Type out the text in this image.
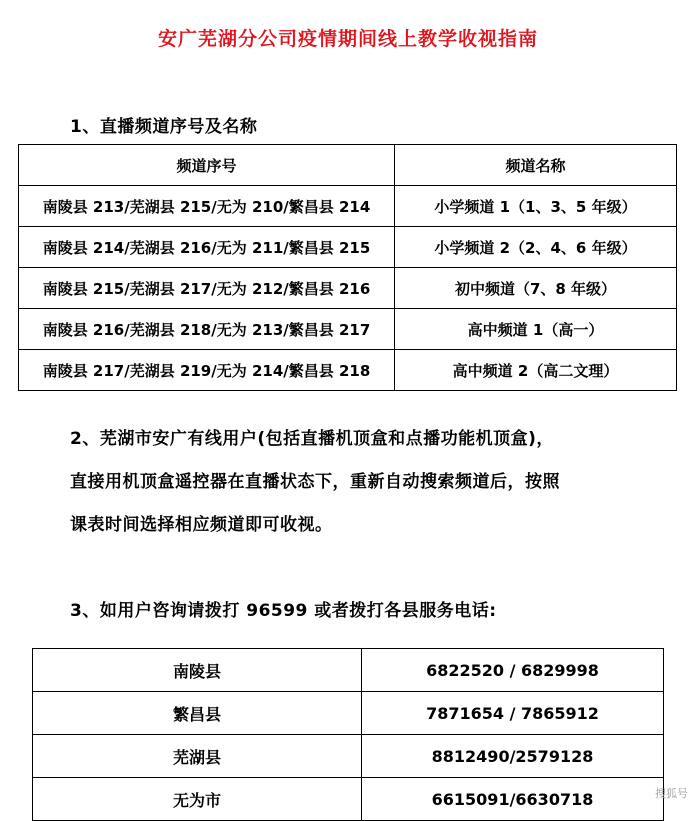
安广芜湖分公司疫情期间线上教学收视指南
1、直播频道序号及名称
频道序号	频道名称
南陵县 213/芜湖县 215/无为 210/繁昌县 214	小学频道 1（1、3、5 年级）
南陵县 214/芜湖县 216/无为 211/繁昌县 215	小学频道 2（2、4、6 年级）
南陵县 215/芜湖县 217/无为 212/繁昌县 216	初中频道（7、8 年级）
南陵县 216/芜湖县 218/无为 213/繁昌县 217	高中频道 1（高一）
南陵县 217/芜湖县 219/无为 214/繁昌县 218	高中频道 2（高二文理）
2、芜湖市安广有线用户(包括直播机顶盒和点播功能机顶盒)，
直接用机顶盒遥控器在直播状态下，重新自动搜索频道后，按照
课表时间选择相应频道即可收视。
3、如用户咨询请拨打 96599 或者拨打各县服务电话:
南陵县	6822520 / 6829998
繁昌县	7871654 / 7865912
芜湖县	8812490/2579128
无为市	6615091/6630718	搜狐号
